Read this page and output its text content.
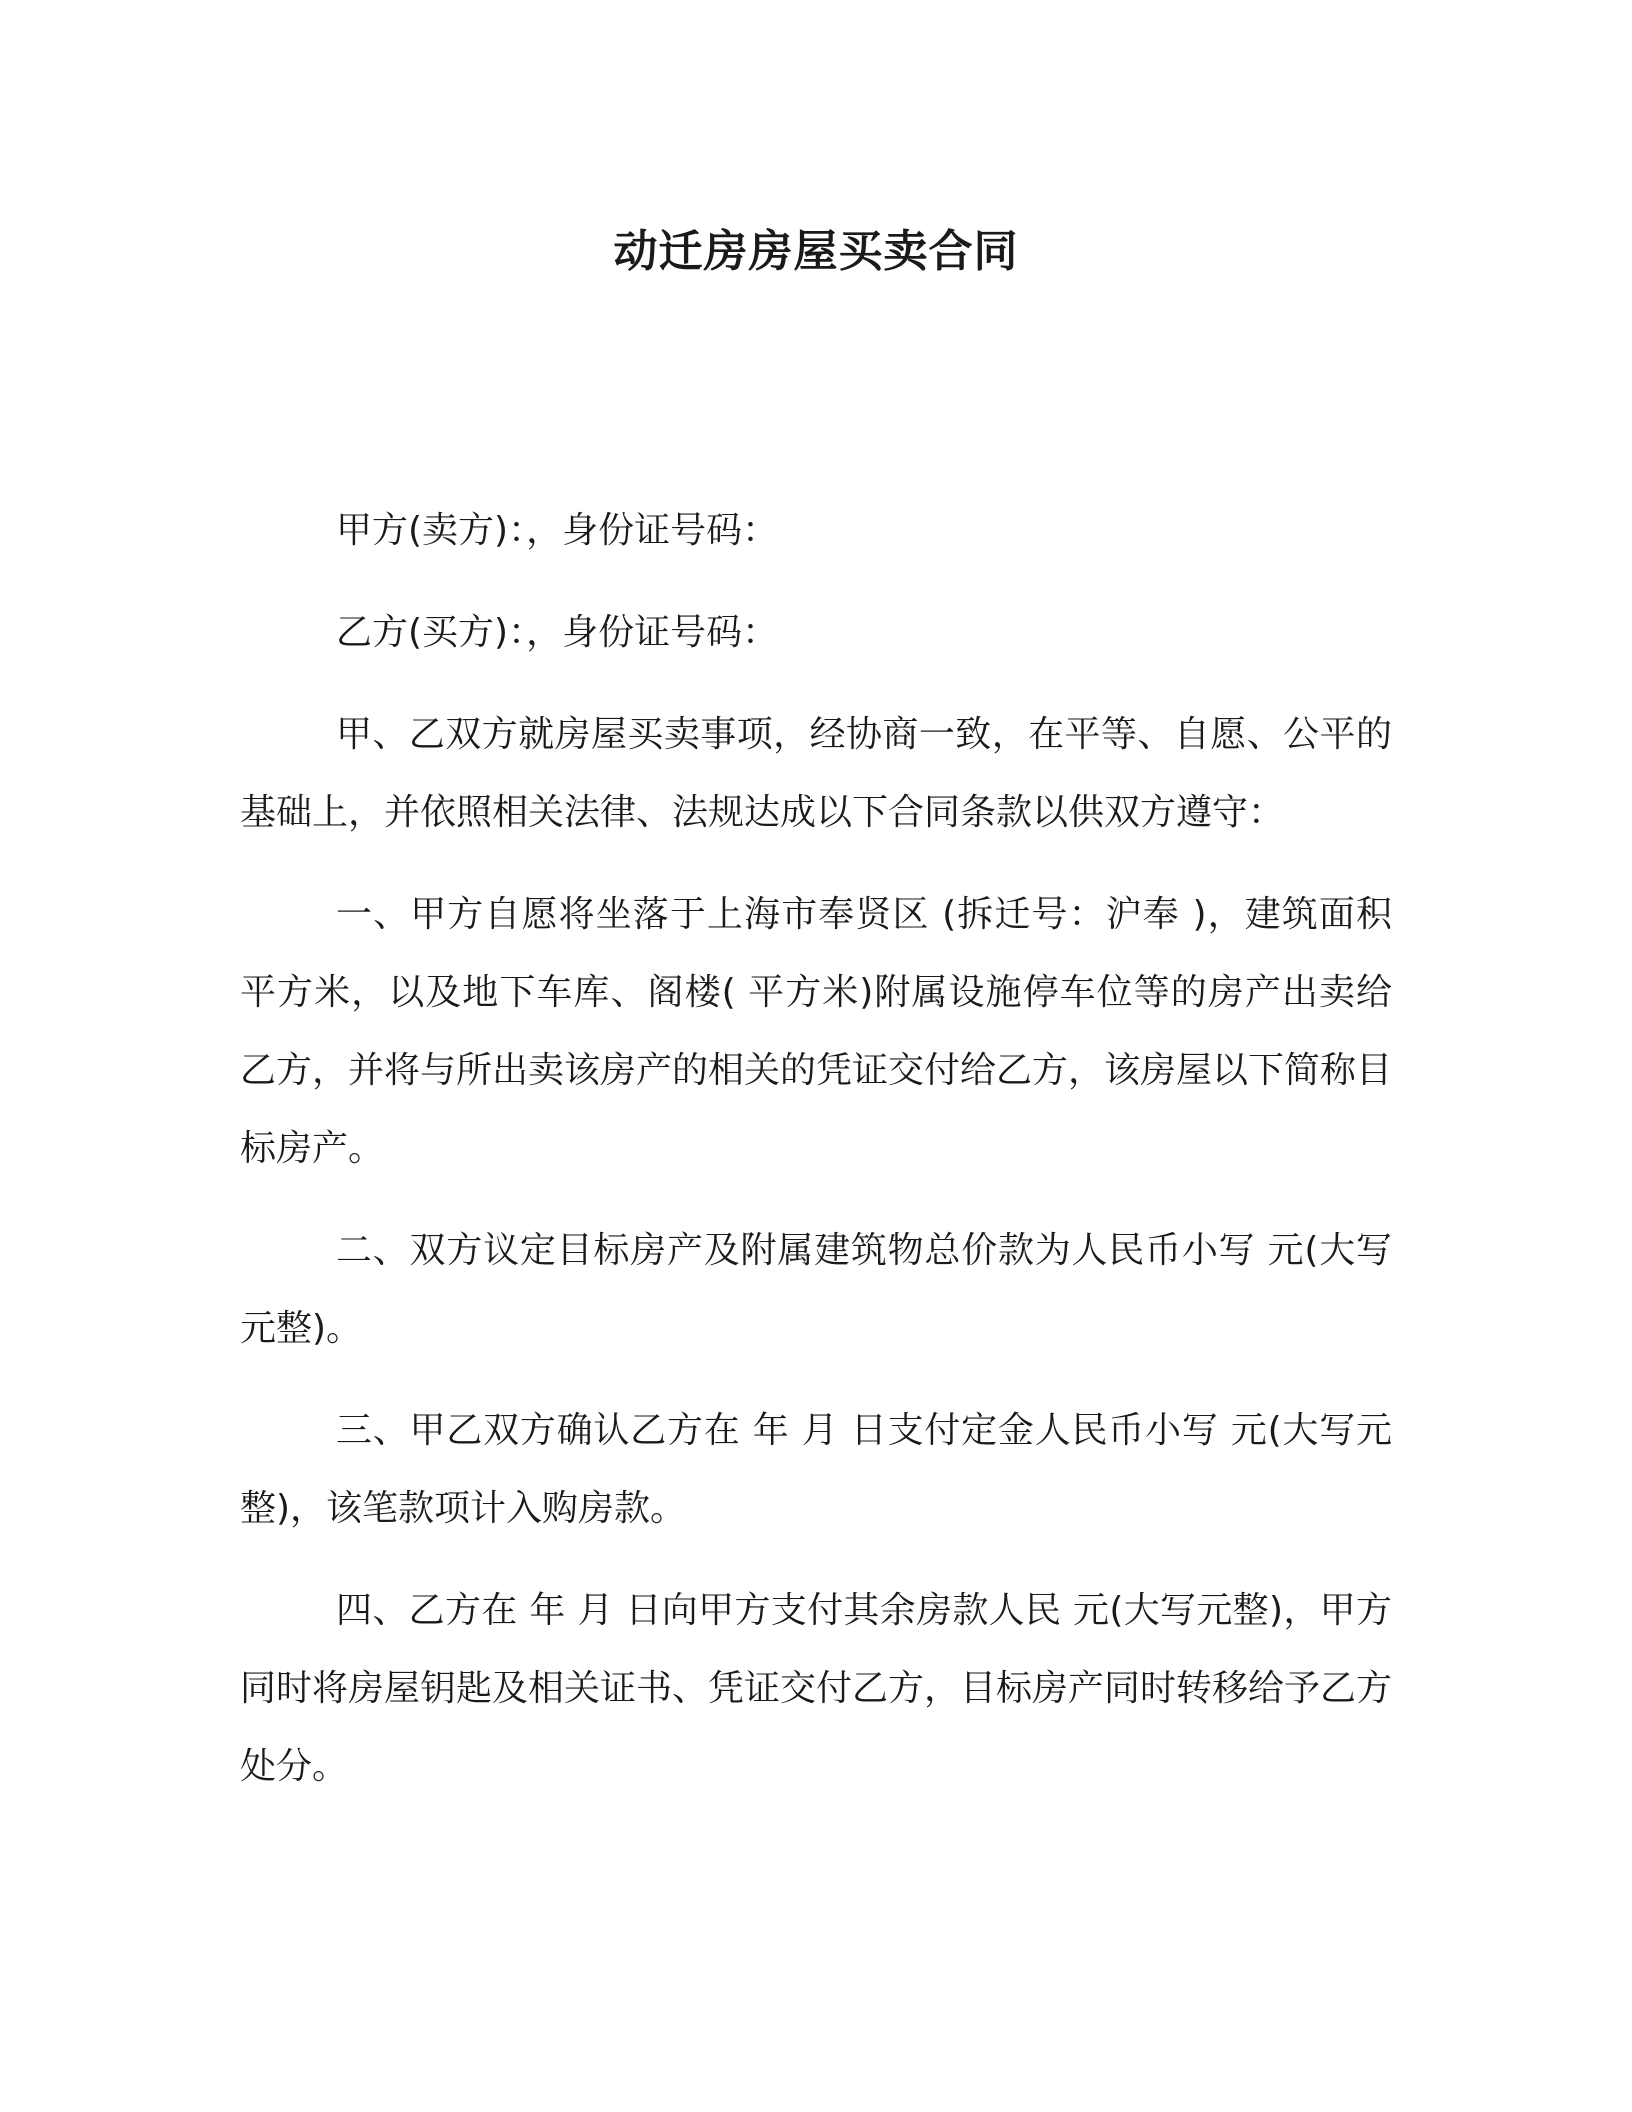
动迁房房屋买卖合同

甲方(卖方)：，身份证号码：

乙方(买方)：，身份证号码：

甲、乙双方就房屋买卖事项，经协商一致，在平等、自愿、公平的基础上，并依照相关法律、法规达成以下合同条款以供双方遵守：

一、甲方自愿将坐落于上海市奉贤区 (拆迁号：沪奉 )，建筑面积平方米，以及地下车库、阁楼( 平方米)附属设施停车位等的房产出卖给乙方，并将与所出卖该房产的相关的凭证交付给乙方，该房屋以下简称目标房产。

二、双方议定目标房产及附属建筑物总价款为人民币小写 元(大写元整)。

三、甲乙双方确认乙方在 年 月 日支付定金人民币小写 元(大写元整)，该笔款项计入购房款。

四、乙方在 年 月 日向甲方支付其余房款人民 元(大写元整)，甲方同时将房屋钥匙及相关证书、凭证交付乙方，目标房产同时转移给予乙方处分。
